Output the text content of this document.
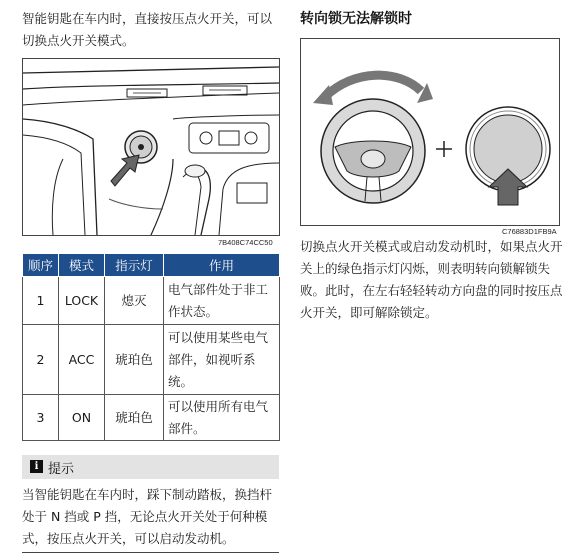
智能钥匙在车内时，直接按压点火开关，可以切换点火开关模式。
7B408C74CC50
顺序	模式	指示灯	作用
1	LOCK	熄灭	电气部件处于非工作状态。
2	ACC	琥珀色	可以使用某些电气部件，如视听系统。
3	ON	琥珀色	可以使用所有电气部件。
i 提示
当智能钥匙在车内时，踩下制动踏板，换挡杆处于 N 挡或 P 挡，无论点火开关处于何种模式，按压点火开关，可以启动发动机。
转向锁无法解锁时
C76883D1FB9A
切换点火开关模式或启动发动机时，如果点火开关上的绿色指示灯闪烁，则表明转向锁解锁失败。此时，在左右轻轻转动方向盘的同时按压点火开关，即可解除锁定。
